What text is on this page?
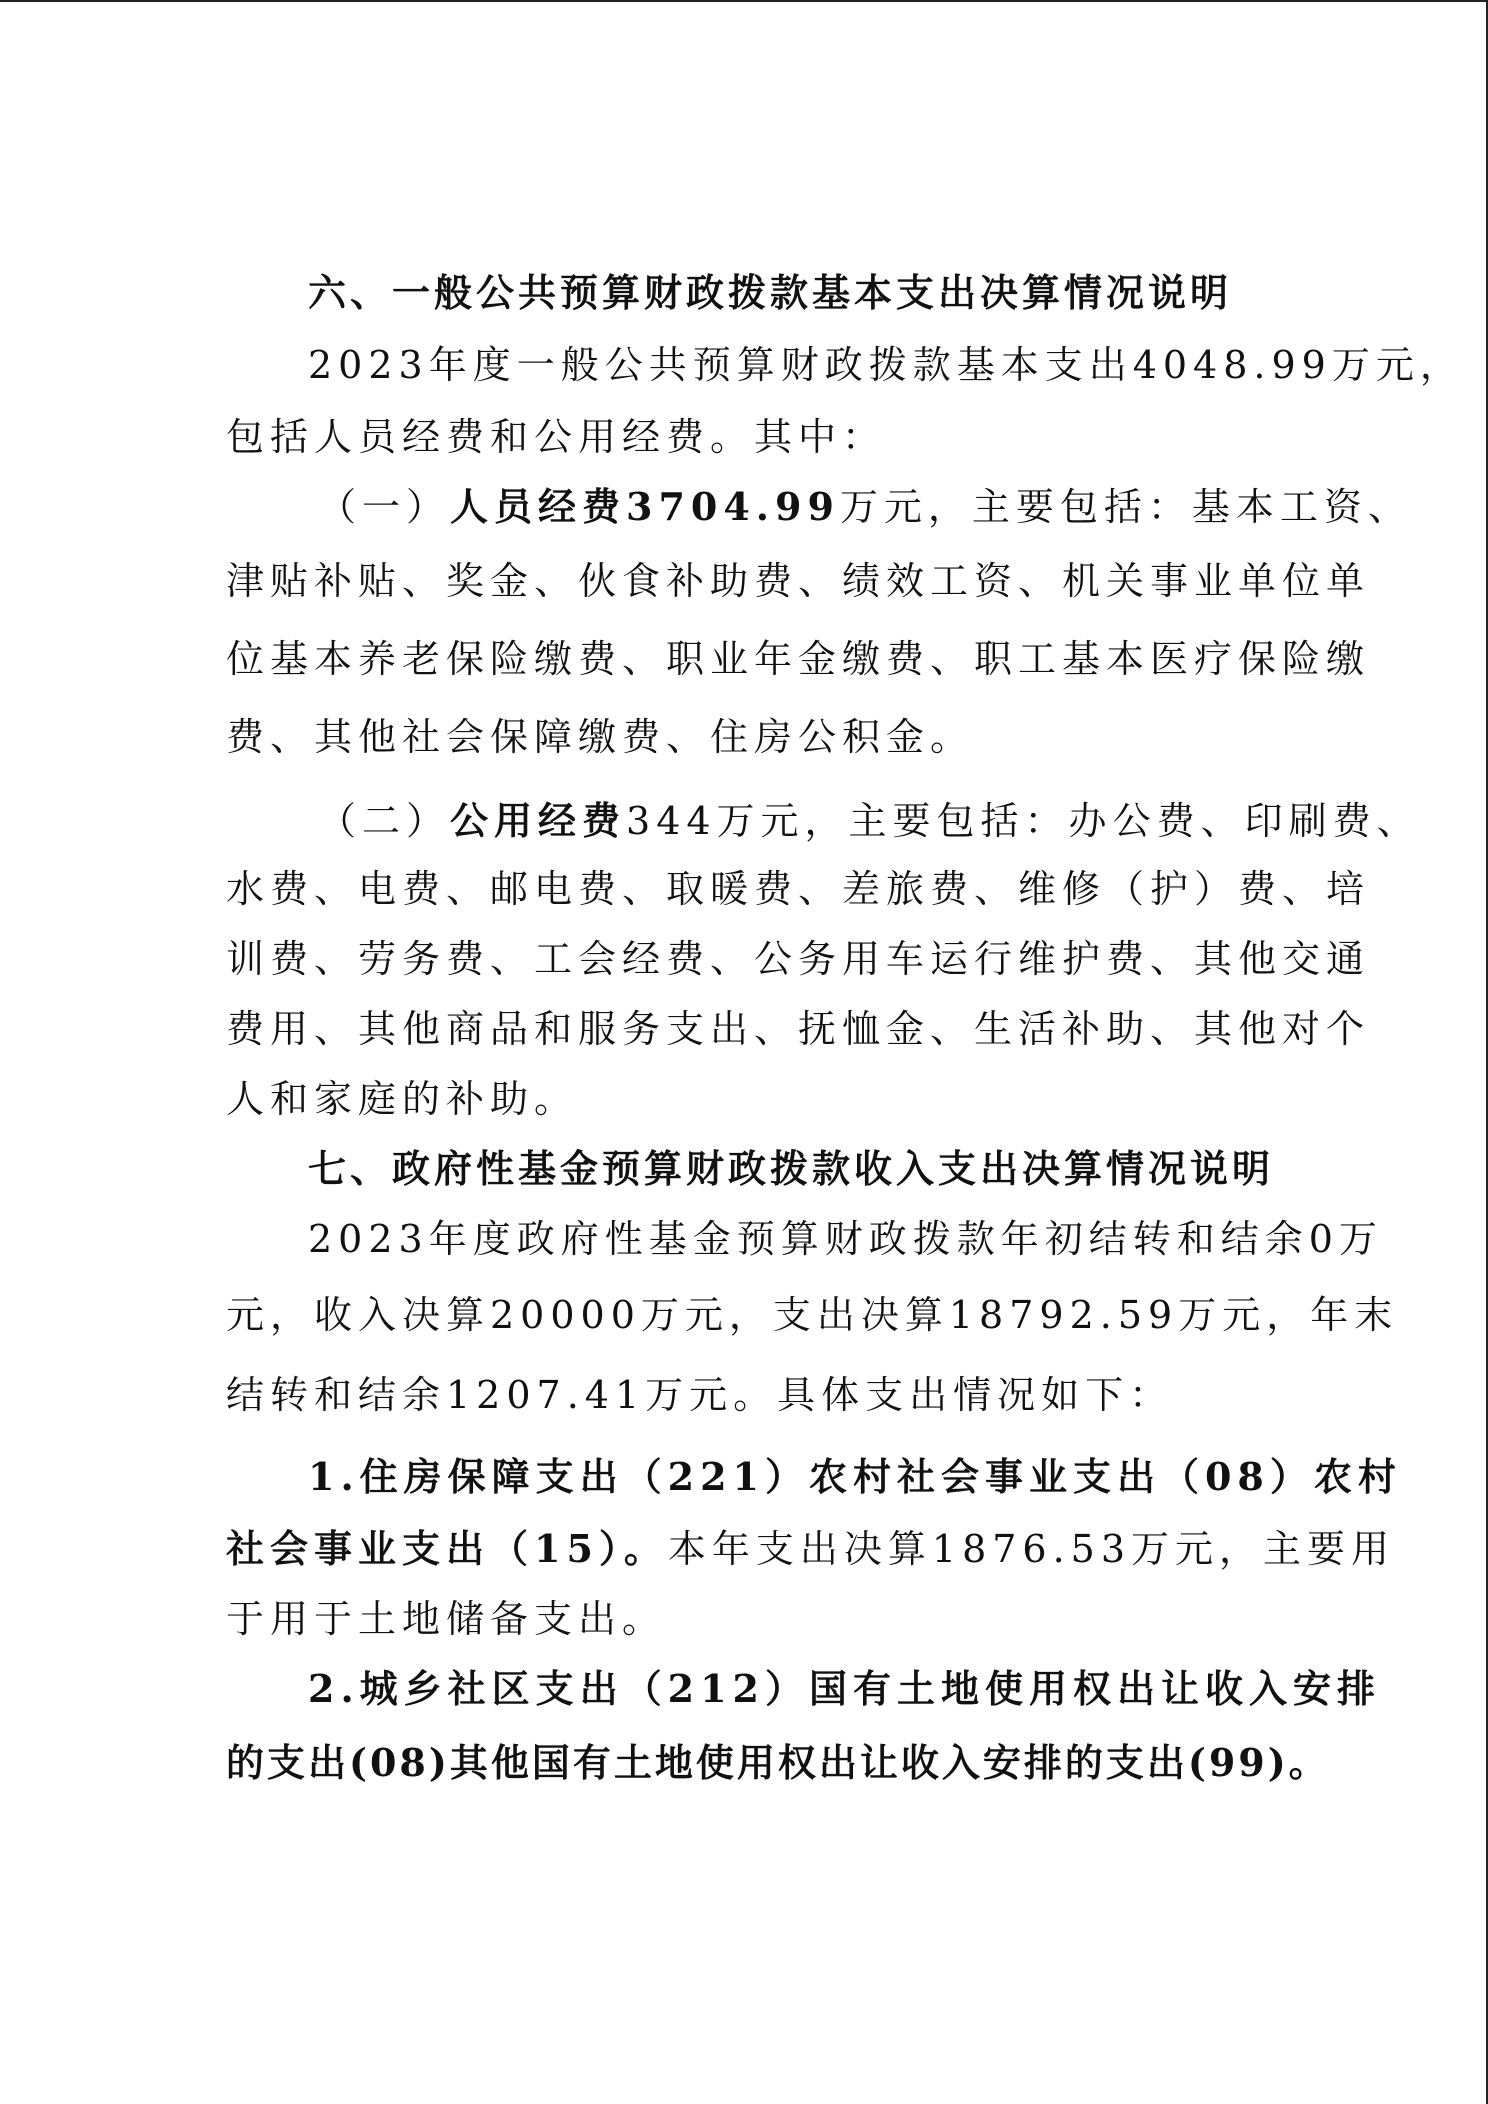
六、一般公共预算财政拨款基本支出决算情况说明
2023年度一般公共预算财政拨款基本支出4048.99万元，
包括人员经费和公用经费。其中：
（一）人员经费3704.99万元，主要包括：基本工资、
津贴补贴、奖金、伙食补助费、绩效工资、机关事业单位单
位基本养老保险缴费、职业年金缴费、职工基本医疗保险缴
费、其他社会保障缴费、住房公积金。
（二）公用经费344万元，主要包括：办公费、印刷费、
水费、电费、邮电费、取暖费、差旅费、维修（护）费、培
训费、劳务费、工会经费、公务用车运行维护费、其他交通
费用、其他商品和服务支出、抚恤金、生活补助、其他对个
人和家庭的补助。
七、政府性基金预算财政拨款收入支出决算情况说明
2023年度政府性基金预算财政拨款年初结转和结余0万
元，收入决算20000万元，支出决算18792.59万元，年末
结转和结余1207.41万元。具体支出情况如下：
1.住房保障支出（221）农村社会事业支出（08）农村
社会事业支出（15）。本年支出决算1876.53万元，主要用
于用于土地储备支出。
2.城乡社区支出（212）国有土地使用权出让收入安排
的支出(08)其他国有土地使用权出让收入安排的支出(99)。
